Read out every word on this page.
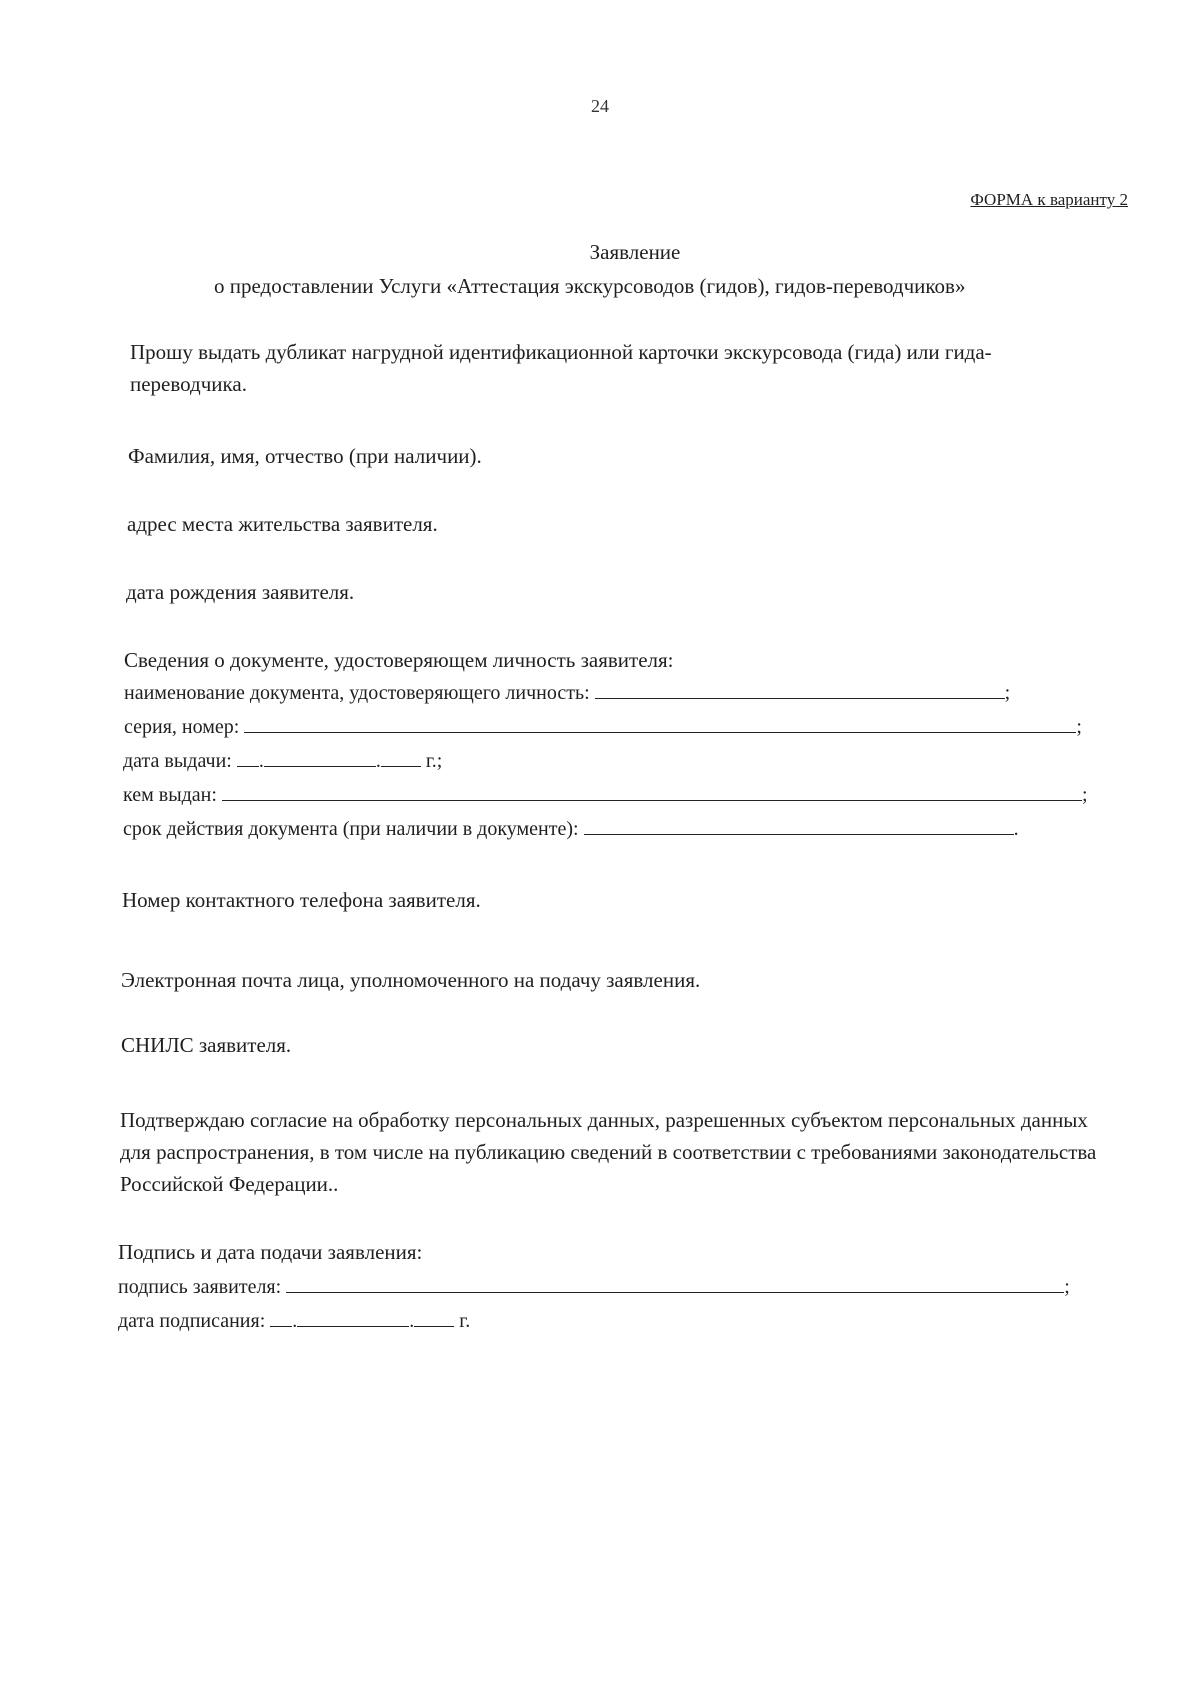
24
ФОРМА к варианту 2
Заявление
о предоставлении Услуги «Аттестация экскурсоводов (гидов), гидов-переводчиков»
Прошу выдать дубликат нагрудной идентификационной карточки экскурсовода (гида) или гида-переводчика.
Фамилия, имя, отчество (при наличии).
адрес места жительства заявителя.
дата рождения заявителя.
Сведения о документе, удостоверяющем личность заявителя:
наименование документа, удостоверяющего личность:	;
серия, номер:	;
дата выдачи: .	. г.;
кем выдан:	;
срок действия документа (при наличии в документе):	.
Номер контактного телефона заявителя.
Электронная почта лица, уполномоченного на подачу заявления.
СНИЛС заявителя.
Подтверждаю согласие на обработку персональных данных, разрешенных субъектом персональных данных для распространения, в том числе на публикацию сведений в соответствии с требованиями законодательства Российской Федерации..
Подпись и дата подачи заявления:
подпись заявителя:	;
дата подписания: .	. г.
